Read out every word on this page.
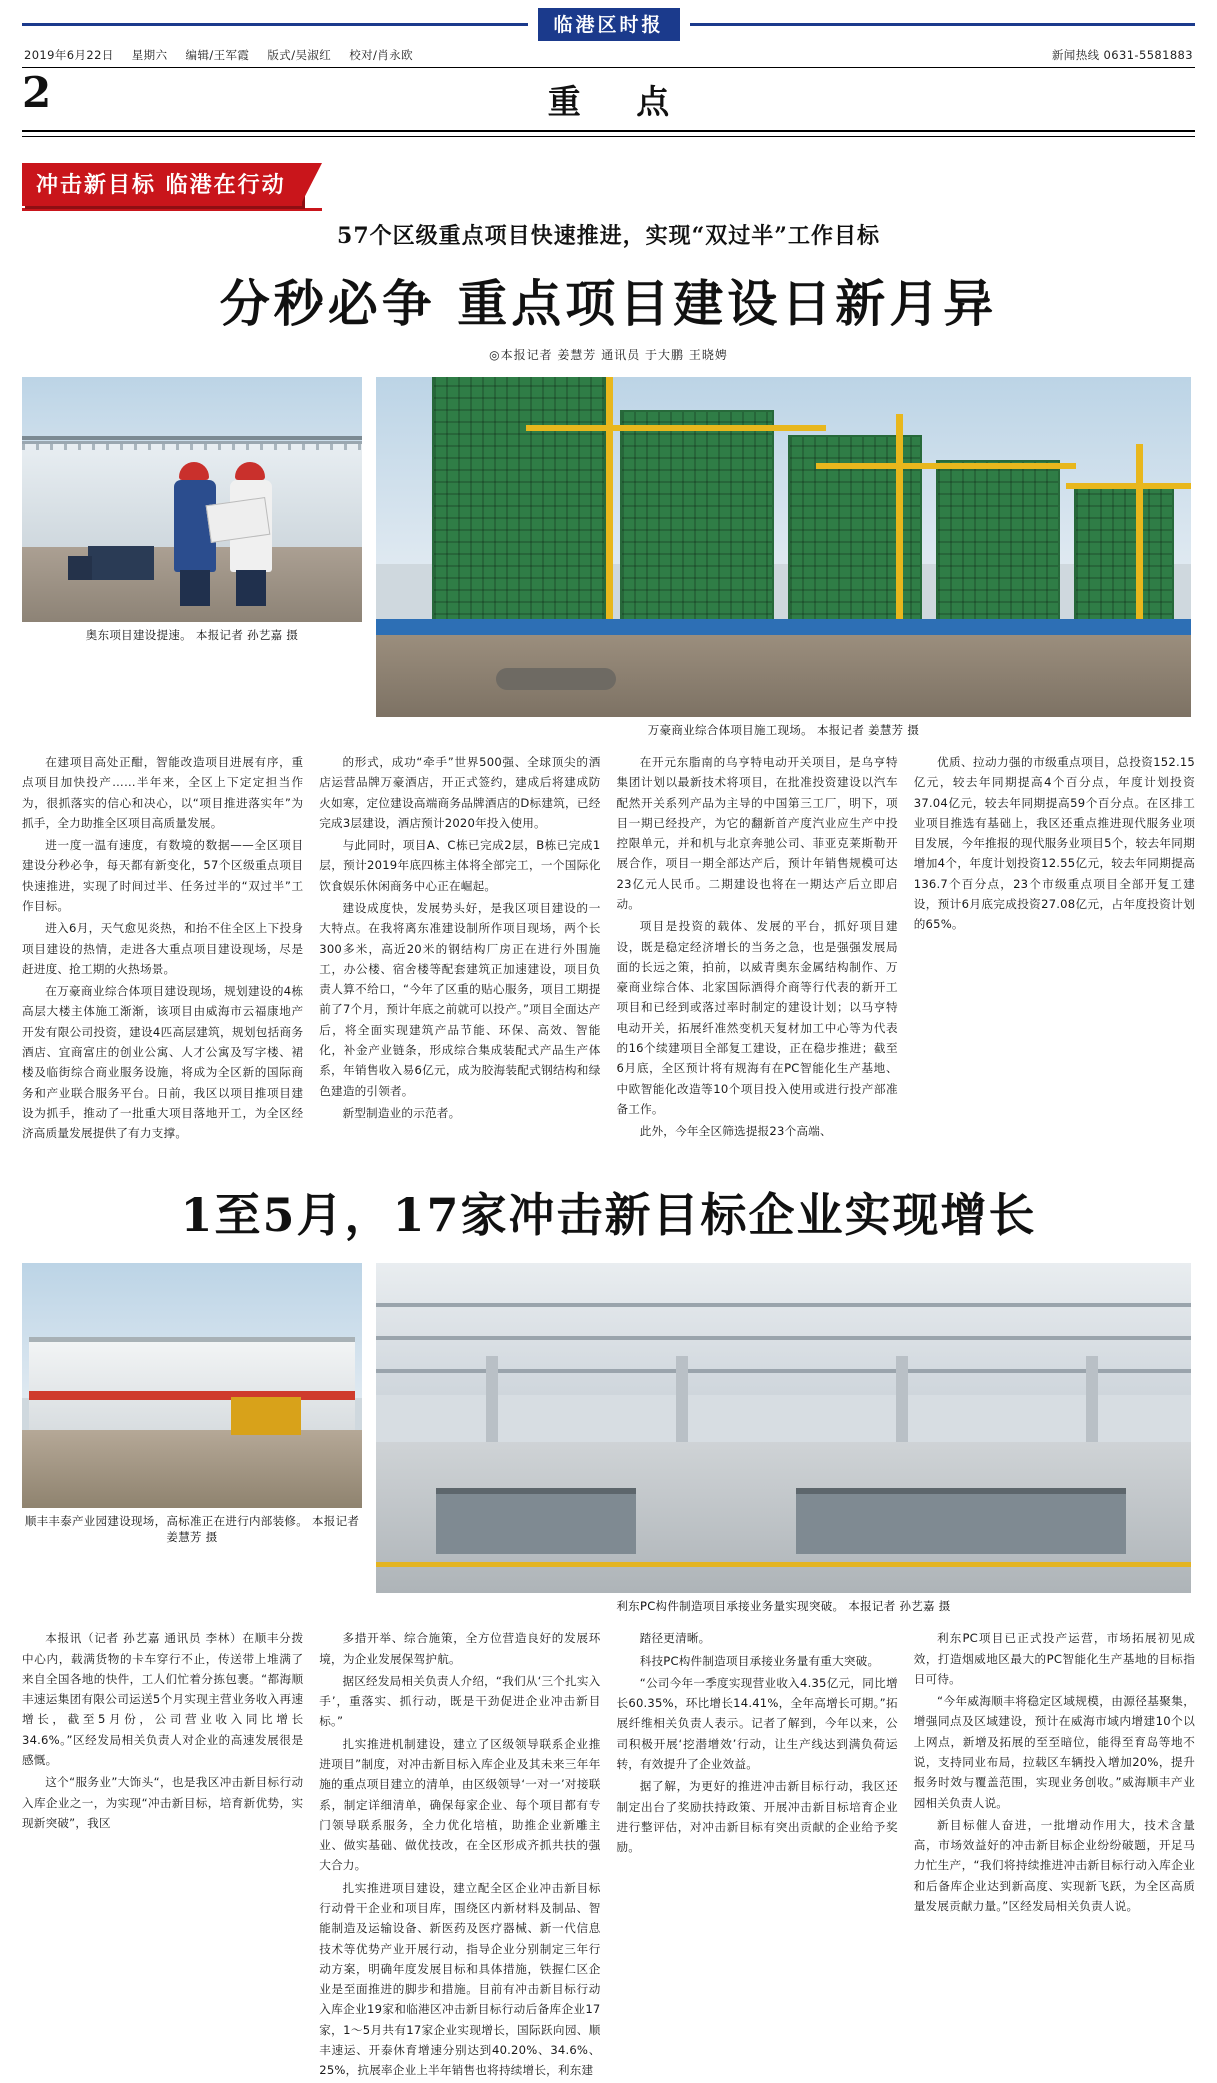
临港区时报
2019年6月22日 星期六 编辑/王军霞 版式/吴淑红 校对/肖永欧	新闻热线 0631-5581883
2	重 点
冲击新目标 临港在行动
57个区级重点项目快速推进，实现“双过半”工作目标
分秒必争 重点项目建设日新月异
◎本报记者 姜慧芳 通讯员 于大鹏 王晓娉
奥东项目建设提速。 本报记者 孙艺嘉 摄
万豪商业综合体项目施工现场。 本报记者 姜慧芳 摄

在建项目高处正酣，智能改造项目进展有序，重点项目加快投产……半年来，全区上下定定担当作为，很抓落实的信心和决心，以“项目推进落实年”为抓手，全力助推全区项目高质量发展。

进一度一温有速度，有数境的数据——全区项目建设分秒必争，每天都有新变化，57个区级重点项目快速推进，实现了时间过半、任务过半的“双过半”工作目标。

进入6月，天气愈见炎热，和抬不住全区上下投身项目建设的热情，走进各大重点项目建设现场，尽是赶进度、抢工期的火热场景。

在万豪商业综合体项目建设现场，规划建设的4栋高层大楼主体施工渐渐，该项目由威海市云福康地产开发有限公司投资，建设4匹高层建筑，规划包括商务酒店、宜商富庄的创业公寓、人才公寓及写字楼、裙楼及临街综合商业服务设施，将成为全区新的国际商务和产业联合服务平台。日前，我区以项目推项目建设为抓手，推动了一批重大项目落地开工，为全区经济高质量发展提供了有力支撑。

的形式，成功“牵手”世界500强、全球顶尖的酒店运营品牌万豪酒店，开正式签约，建成后将建成防火如寒，定位建设高端商务品牌酒店的D标建筑，已经完成3层建设，酒店预计2020年投入使用。

与此同时，项目A、C栋已完成2层，B栋已完成1层，预计2019年底四栋主体将全部完工，一个国际化饮食娱乐休闲商务中心正在崛起。

建设成度快，发展势头好，是我区项目建设的一大特点。在我将离东准建设制所作项目现场，两个长300多米，高近20米的钢结构厂房正在进行外围施工，办公楼、宿舍楼等配套建筑正加速建设，项目负责人算不给口，“今年了区重的贴心服务，项目工期提前了7个月，预计年底之前就可以投产。”项目全面达产后，将全面实现建筑产品节能、环保、高效、智能化，补金产业链条，形成综合集成装配式产品生产体系，年销售收入易6亿元，成为胶海装配式钢结构和绿色建造的引领者。

新型制造业的示范者。

在开元东脂南的乌亨特电动开关项目，是乌亨特集团计划以最新技术将项目，在批准投资建设以汽车配然开关系列产品为主导的中国第三工厂，明下，项目一期已经投产，为它的翻新首产度汽业应生产中投控限单元，并和机与北京奔驰公司、菲亚克莱斯勒开展合作，项目一期全部达产后，预计年销售规模可达23亿元人民币。二期建设也将在一期达产后立即启动。

项目是投资的载体、发展的平台，抓好项目建设，既是稳定经济增长的当务之急，也是强强发展局面的长远之策，拍前，以威青奥东金属结构制作、万豪商业综合体、北家国际酒得介商等行代表的新开工项目和已经到或落过率时制定的建设计划；以马亨特电动开关，拓展纤准然变机天复材加工中心等为代表的16个续建项目全部复工建设，正在稳步推进；截至6月底，全区预计将有规海有在PC智能化生产基地、中欧智能化改造等10个项目投入使用或进行投产部准备工作。

此外，今年全区筛选提报23个高端、

优质、拉动力强的市级重点项目，总投资152.15亿元，较去年同期提高4个百分点，年度计划投资37.04亿元，较去年同期提高59个百分点。在区排工业项目推选有基础上，我区还重点推进现代服务业项目发展，今年推报的现代服务业项目5个，较去年同期增加4个，年度计划投资12.55亿元，较去年同期提高136.7个百分点，23个市级重点项目全部开复工建设，预计6月底完成投资27.08亿元，占年度投资计划的65%。

1至5月，17家冲击新目标企业实现增长
顺丰丰泰产业园建设现场，高标准正在进行内部装修。 本报记者 姜慧芳 摄
利东PC构件制造项目承接业务量实现突破。 本报记者 孙艺嘉 摄

本报讯（记者 孙艺嘉 通讯员 李林）在顺丰分拨中心内，载满货物的卡车穿行不止，传送带上堆满了来自全国各地的快件，工人们忙着分拣包裹。“都海顺丰速运集团有限公司运送5个月实现主营业务收入再速增长，截至5月份，公司营业收入同比增长34.6%。”区经发局相关负责人对企业的高速发展很是感慨。

这个“服务业”大饰头“，也是我区冲击新目标行动入库企业之一，为实现“冲击新目标，培育新优势，实现新突破”，我区

多措开举、综合施策，全方位营造良好的发展环境，为企业发展保驾护航。

据区经发局相关负责人介绍，“我们从‘三个扎实入手’，重落实、抓行动，既是干劲促进企业冲击新目标。”

扎实推进机制建设，建立了区级领导联系企业推进项目”制度，对冲击新目标入库企业及其未来三年年施的重点项目建立的清单，由区级领导‘一对一’对接联系，制定详细清单，确保每家企业、每个项目都有专门领导联系服务，全力优化培植，助推企业新雕主业、做实基础、做优技改，在全区形成齐抓共扶的强大合力。

扎实推进项目建设，建立配全区企业冲击新目标行动骨干企业和项目库，围绕区内新材料及制品、智能制造及运输设备、新医药及医疗器械、新一代信息技术等优势产业开展行动，指导企业分别制定三年行动方案，明确年度发展目标和具体措施，铁握仁区企业是至面推进的脚步和措施。目前有冲击新目标行动入库企业19家和临港区冲击新目标行动后备库企业17家，1～5月共有17家企业实现增长，国际跃向园、顺丰速运、开泰休育增速分别达到40.20%、34.6%、25%，抗展率企业上半年销售也将持续增长，利东建

踏径更清晰。

科技PC构件制造项目承接业务量有重大突破。

“公司今年一季度实现营业收入4.35亿元，同比增长60.35%，环比增长14.41%，全年高增长可期。”拓展纤维相关负责人表示。记者了解到，今年以来，公司积极开展‘挖潜增效’行动，让生产线达到满负荷运转，有效提升了企业效益。

据了解，为更好的推进冲击新目标行动，我区还制定出台了奖励扶持政策、开展冲击新目标培育企业进行整评估，对冲击新目标有突出贡献的企业给予奖励。

利东PC项目已正式投产运营，市场拓展初见成效，打造烟威地区最大的PC智能化生产基地的目标指日可待。

“今年威海顺丰将稳定区域规模，由源径基聚集，增强同点及区域建设，预计在威海市域内增建10个以上网点，新增及拓展的至至暗位，能得至育岛等地不说，支持同业布局，拉载区车辆投入增加20%，提升报务时效与覆盖范围，实现业务创收。”威海顺丰产业园相关负责人说。

新目标催人奋进，一批增动作用大，技术含量高，市场效益好的冲击新目标企业纷纷破题，开足马力忙生产，“我们将持续推进冲击新目标行动入库企业和后备库企业达到新高度、实现新飞跃，为全区高质量发展贡献力量。”区经发局相关负责人说。
